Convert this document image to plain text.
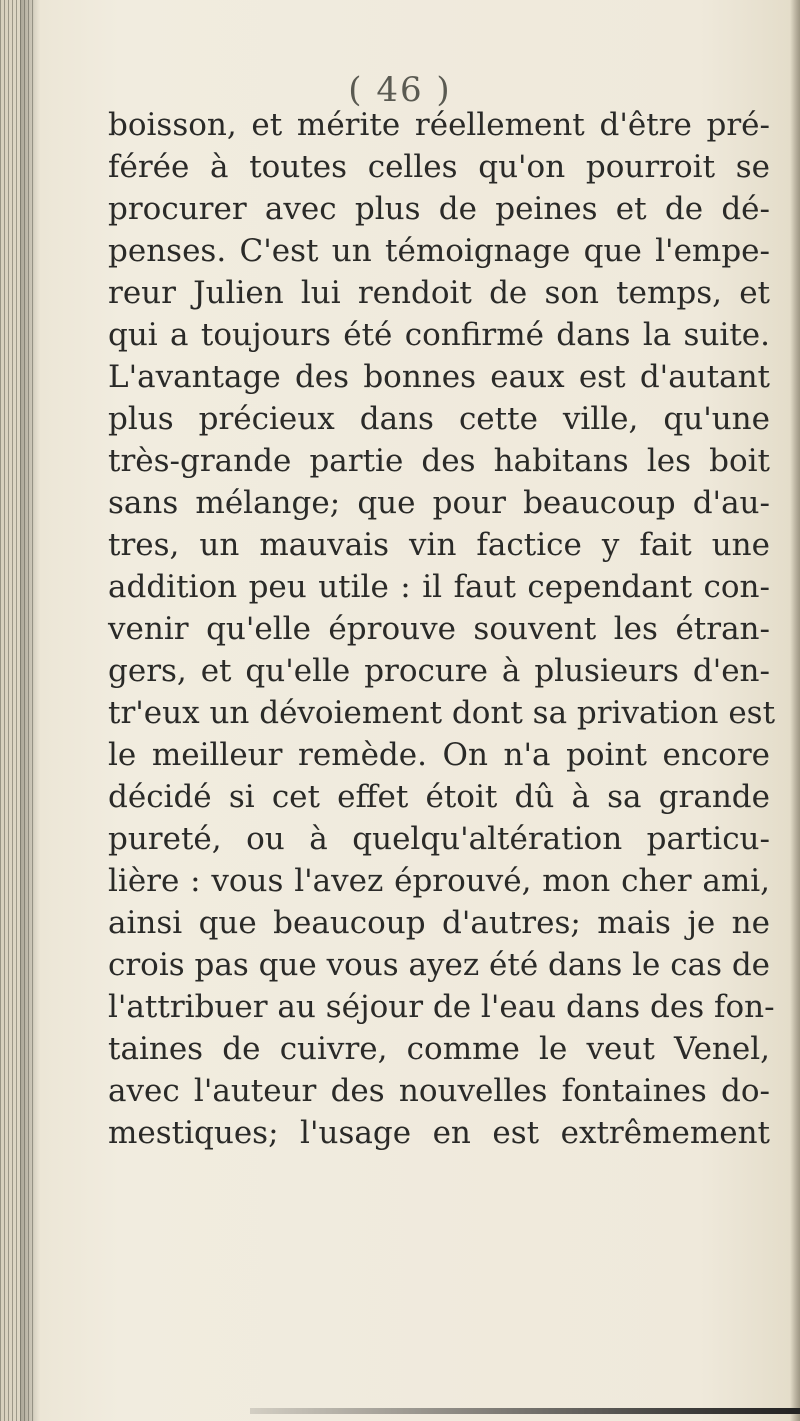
( 46 )
boisson, et mérite réellement d'être pré-
férée à toutes celles qu'on pourroit se
procurer avec plus de peines et de dé-
penses. C'est un témoignage que l'empe-
reur Julien lui rendoit de son temps, et
qui a toujours été confirmé dans la suite.
L'avantage des bonnes eaux est d'autant
plus précieux dans cette ville, qu'une
très-grande partie des habitans les boit
sans mélange; que pour beaucoup d'au-
tres, un mauvais vin factice y fait une
addition peu utile : il faut cependant con-
venir qu'elle éprouve souvent les étran-
gers, et qu'elle procure à plusieurs d'en-
tr'eux un dévoiement dont sa privation est
le meilleur remède. On n'a point encore
décidé si cet effet étoit dû à sa grande
pureté, ou à quelqu'altération particu-
lière : vous l'avez éprouvé, mon cher ami,
ainsi que beaucoup d'autres; mais je ne
crois pas que vous ayez été dans le cas de
l'attribuer au séjour de l'eau dans des fon-
taines de cuivre, comme le veut Venel,
avec l'auteur des nouvelles fontaines do-
mestiques; l'usage en est extrêmement
